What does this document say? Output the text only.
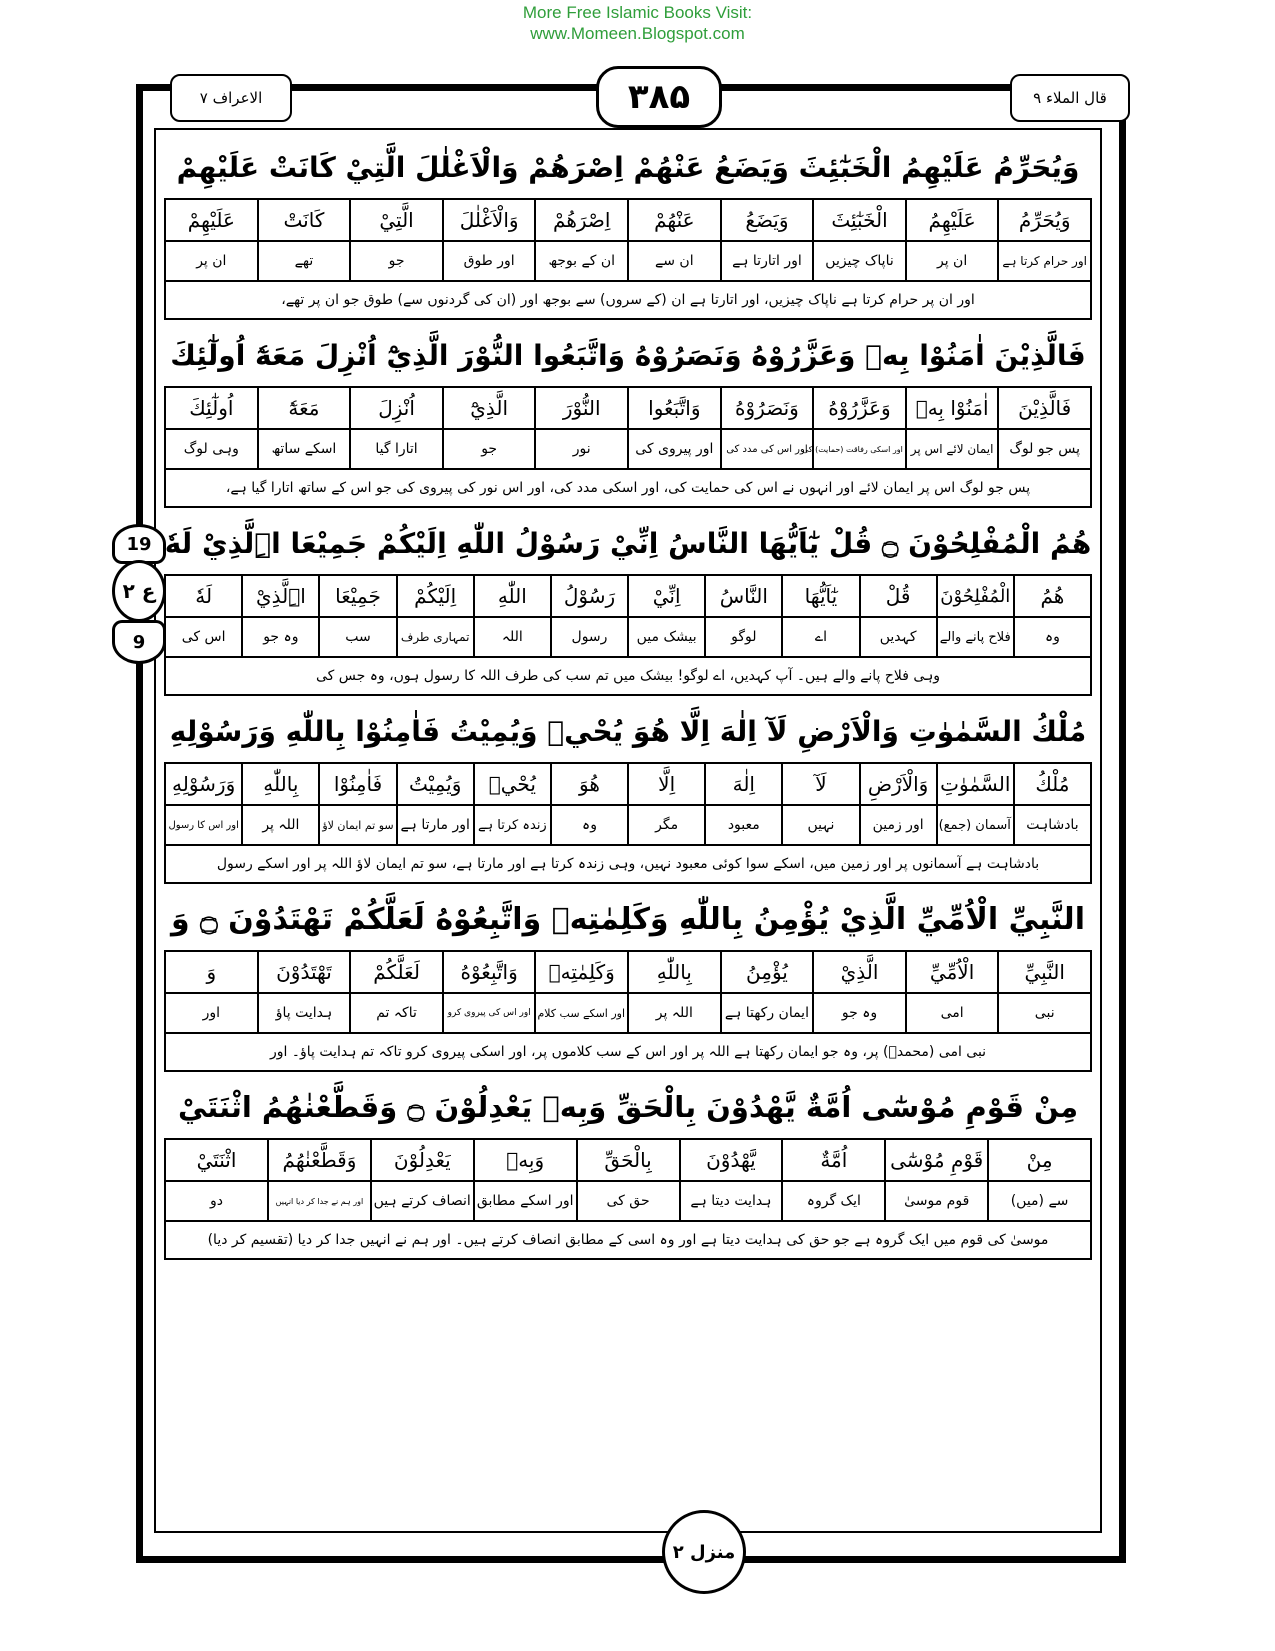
More Free Islamic Books Visit:
www.Momeen.Blogspot.com
قال الملاء ۹
الاعراف ۷	۳۸۵
19
ع ۲
9
وَيُحَرِّمُ عَلَيْهِمُ الْخَبٰٓئِثَ وَيَضَعُ عَنْهُمْ اِصْرَهُمْ وَالْاَغْلٰلَ الَّتِيْ كَانَتْ عَلَيْهِمْ
وَيُحَرِّمُ	عَلَيْهِمُ	الْخَبٰٓئِثَ	وَيَضَعُ	عَنْهُمْ	اِصْرَهُمْ	وَالْاَغْلٰلَ	الَّتِيْ	كَانَتْ	عَلَيْهِمْ
اور حرام کرتا ہے	ان پر	ناپاک چیزیں	اور اتارتا ہے	ان سے	ان کے بوجھ	اور طوق	جو	تھے	ان پر
اور ان پر حرام کرتا ہے ناپاک چیزیں، اور اتارتا ہے ان (کے سروں) سے بوجھ اور (ان کی گردنوں سے) طوق جو ان پر تھے،
فَالَّذِيْنَ اٰمَنُوْا بِهٖ وَعَزَّرُوْهُ وَنَصَرُوْهُ وَاتَّبَعُوا النُّوْرَ الَّذِيْٓ اُنْزِلَ مَعَهٗٓ اُولٰٓئِكَ
فَالَّذِيْنَ	اٰمَنُوْا بِهٖ	وَعَزَّرُوْهُ	وَنَصَرُوْهُ	وَاتَّبَعُوا	النُّوْرَ	الَّذِيْٓ	اُنْزِلَ	مَعَهٗٓ	اُولٰٓئِكَ
پس جو لوگ	ایمان لائے اس پر	اور اسکی رفاقت (حمایت) کی	اور اس کی مدد کی	اور پیروی کی	نور	جو	اتارا گیا	اسکے ساتھ	وہی لوگ
پس جو لوگ اس پر ایمان لائے اور انہوں نے اس کی حمایت کی، اور اسکی مدد کی، اور اس نور کی پیروی کی جو اس کے ساتھ اتارا گیا ہے،
هُمُ الْمُفْلِحُوْنَ ۝ قُلْ يٰٓاَيُّهَا النَّاسُ اِنِّيْ رَسُوْلُ اللّٰهِ اِلَيْكُمْ جَمِيْعَا اِۨلَّذِيْ لَهٗ
هُمُ	الْمُفْلِحُوْنَ	قُلْ	يٰٓاَيُّهَا	النَّاسُ	اِنِّيْ	رَسُوْلُ	اللّٰهِ	اِلَيْكُمْ	جَمِيْعَا	اِۨلَّذِيْ	لَهٗ
وہ	فلاح پانے والے	کہدیں	اے	لوگو	بیشک میں	رسول	اللہ	تمہاری طرف	سب	وہ جو	اس کی
وہی فلاح پانے والے ہیں۔ آپ کہدیں، اے لوگو! بیشک میں تم سب کی طرف اللہ کا رسول ہوں، وہ جس کی
مُلْكُ السَّمٰوٰتِ وَالْاَرْضِ لَآ اِلٰهَ اِلَّا هُوَ يُحْيٖ وَيُمِيْتُ فَاٰمِنُوْا بِاللّٰهِ وَرَسُوْلِهِ
مُلْكُ	السَّمٰوٰتِ	وَالْاَرْضِ	لَآ	اِلٰهَ	اِلَّا	هُوَ	يُحْيٖ	وَيُمِيْتُ	فَاٰمِنُوْا	بِاللّٰهِ	وَرَسُوْلِهِ
بادشاہت	آسمان (جمع)	اور زمین	نہیں	معبود	مگر	وہ	زندہ کرتا ہے	اور مارتا ہے	سو تم ایمان لاؤ	اللہ پر	اور اس کا رسول
بادشاہت ہے آسمانوں پر اور زمین میں، اسکے سوا کوئی معبود نہیں، وہی زندہ کرتا ہے اور مارتا ہے، سو تم ایمان لاؤ اللہ پر اور اسکے رسول
النَّبِيِّ الْاُمِّيِّ الَّذِيْ يُؤْمِنُ بِاللّٰهِ وَكَلِمٰتِهٖ وَاتَّبِعُوْهُ لَعَلَّكُمْ تَهْتَدُوْنَ ۝ وَ
النَّبِيِّ	الْاُمِّيِّ	الَّذِيْ	يُؤْمِنُ	بِاللّٰهِ	وَكَلِمٰتِهٖ	وَاتَّبِعُوْهُ	لَعَلَّكُمْ	تَهْتَدُوْنَ	وَ
نبی	امی	وہ جو	ایمان رکھتا ہے	اللہ پر	اور اسکے سب کلام	اور اس کی پیروی کرو	تاکہ تم	ہدایت پاؤ	اور
نبی امی (محمدؐ) پر، وہ جو ایمان رکھتا ہے اللہ پر اور اس کے سب کلاموں پر، اور اسکی پیروی کرو تاکہ تم ہدایت پاؤ۔ اور
مِنْ قَوْمِ مُوْسٰٓى اُمَّةٌ يَّهْدُوْنَ بِالْحَقِّ وَبِهٖ يَعْدِلُوْنَ ۝ وَقَطَّعْنٰهُمُ اثْنَتَيْ
مِنْ	قَوْمِ مُوْسٰٓى	اُمَّةٌ	يَّهْدُوْنَ	بِالْحَقِّ	وَبِهٖ	يَعْدِلُوْنَ	وَقَطَّعْنٰهُمُ	اثْنَتَيْ
سے (میں)	قوم موسیٰ	ایک گروہ	ہدایت دیتا ہے	حق کی	اور اسکے مطابق	انصاف کرتے ہیں	اور ہم نے جدا کر دیا انہیں	دو
موسیٰ کی قوم میں ایک گروہ ہے جو حق کی ہدایت دیتا ہے اور وہ اسی کے مطابق انصاف کرتے ہیں۔ اور ہم نے انہیں جدا کر دیا (تقسیم کر دیا)
منزل ۲
